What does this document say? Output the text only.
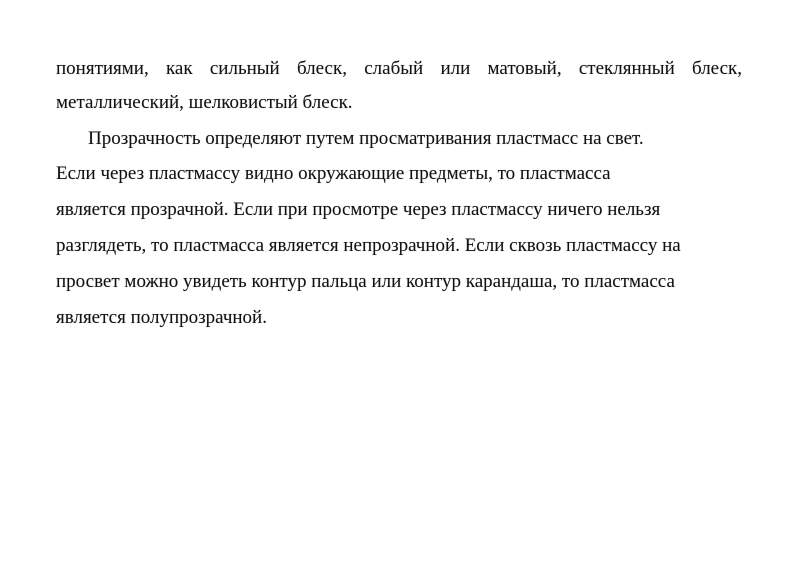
понятиями, как сильный блеск, слабый или матовый, стеклянный блеск,
металлический, шелковистый блеск.
Прозрачность определяют путем просматривания пластмасс на свет.
Если через пластмассу видно окружающие предметы, то пластмасса
является прозрачной. Если при просмотре через пластмассу ничего нельзя
разглядеть, то пластмасса является непрозрачной. Если сквозь пластмассу на
просвет можно увидеть контур пальца или контур карандаша, то пластмасса
является полупрозрачной.
